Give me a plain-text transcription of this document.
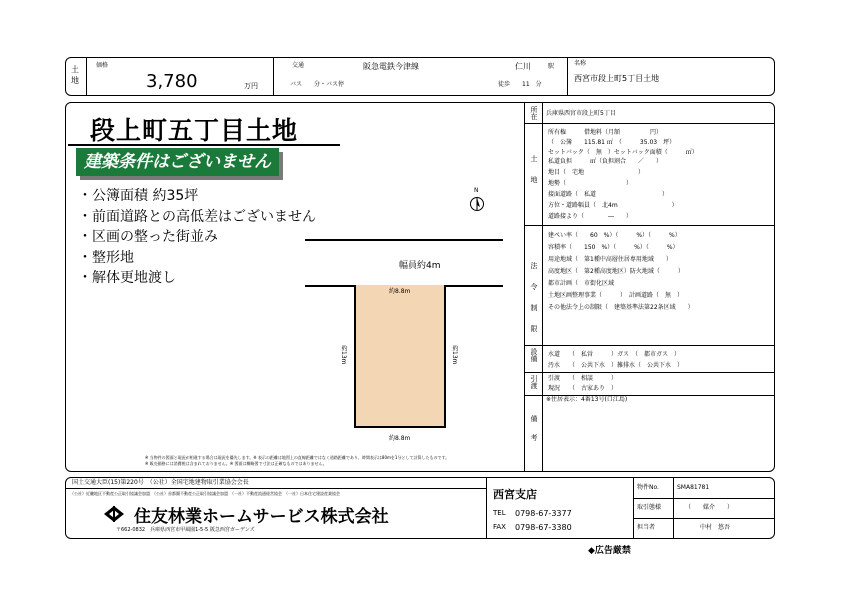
土地
価格
3,780	万円
交通	阪急電鉄今津線	仁川	駅
バス　　分・バス停	徒歩　　11　分
名称
西宮市段上町5丁目土地
段上町五丁目土地
建築条件はございません
・公簿面積 約35坪
・前面道路との高低差はございません
・区画の整った街並み
・整形地
・解体更地渡し
N
幅員約4m
約8.8m
約8.8m
約13m	約13m
※ 当物件の図面と現況が相違する場合は現況を優先します。※ 表示の距離は地図上の直線距離ではなく道路距離であり、時間表示は80mを1分として計算したものです。
※ 販売価格には消費税は含まれておりません。※ 図面は概略図で寸法は正確なものではありません。
所在 兵庫県西宮市段上町5丁目
土地
所有権　　　借地料（月額　　　　　円）
（　公簿　　115.81 ㎡　（　　　35.03　坪）
セットバック（　無　）セットバック面積（　　　㎡）
私道負担　　　㎡（負担割合　　／　　）
地目（　宅地　　　　　　　　　）
地勢（　　　　　　　　　　）
接面道路（　私道　　　　　　　　　　　）
方位・道路幅員（　北4m　　　　　　　　　）
道路接より（　　　　―　　）
法令制限
建ぺい率（　　60　%）（　　　%）（　　　%）
容積率（　　150　%）（　　　%）（　　　%）
用途地域（　第1種中高層住居専用地域　　）
高度地区（　第2種高度地区）防火地域（　　　）
都市計画（　市街化区域
土地区画整理事業（　　　）　計画道路（　無　）
その他法令上の制限（　建築基準法第22条区域　　）
設備 水道　　（　私営　　　）ガス　（　都市ガス　）
汚水　　（　公共下水　）雑排水（　公共下水　）
引渡 引渡　　（　相談　　　）
現況　　（　古家あり　）
備考
※住居表示：4番13号(口江島)
国土交通大臣(15)第220号　（公社）全国宅地建物取引業協会会長
（公社）近畿地区不動産公正取引協議会加盟　（公社）首都圏不動産公正取引協議会加盟　（一社）不動産流通経営協会　（一社）日本住宅建設産業協会
住友林業ホームサービス株式会社
〒662-0832　兵庫県西宮市甲風園1-5-5 阪急西宮ガーデンズ
西宮支店
TEL 0798-67-3377
FAX 0798-67-3380
物件No.	SMA81781
取引態様	（　　媒介　　）
担当者	中村　悠吾
◆広告厳禁
